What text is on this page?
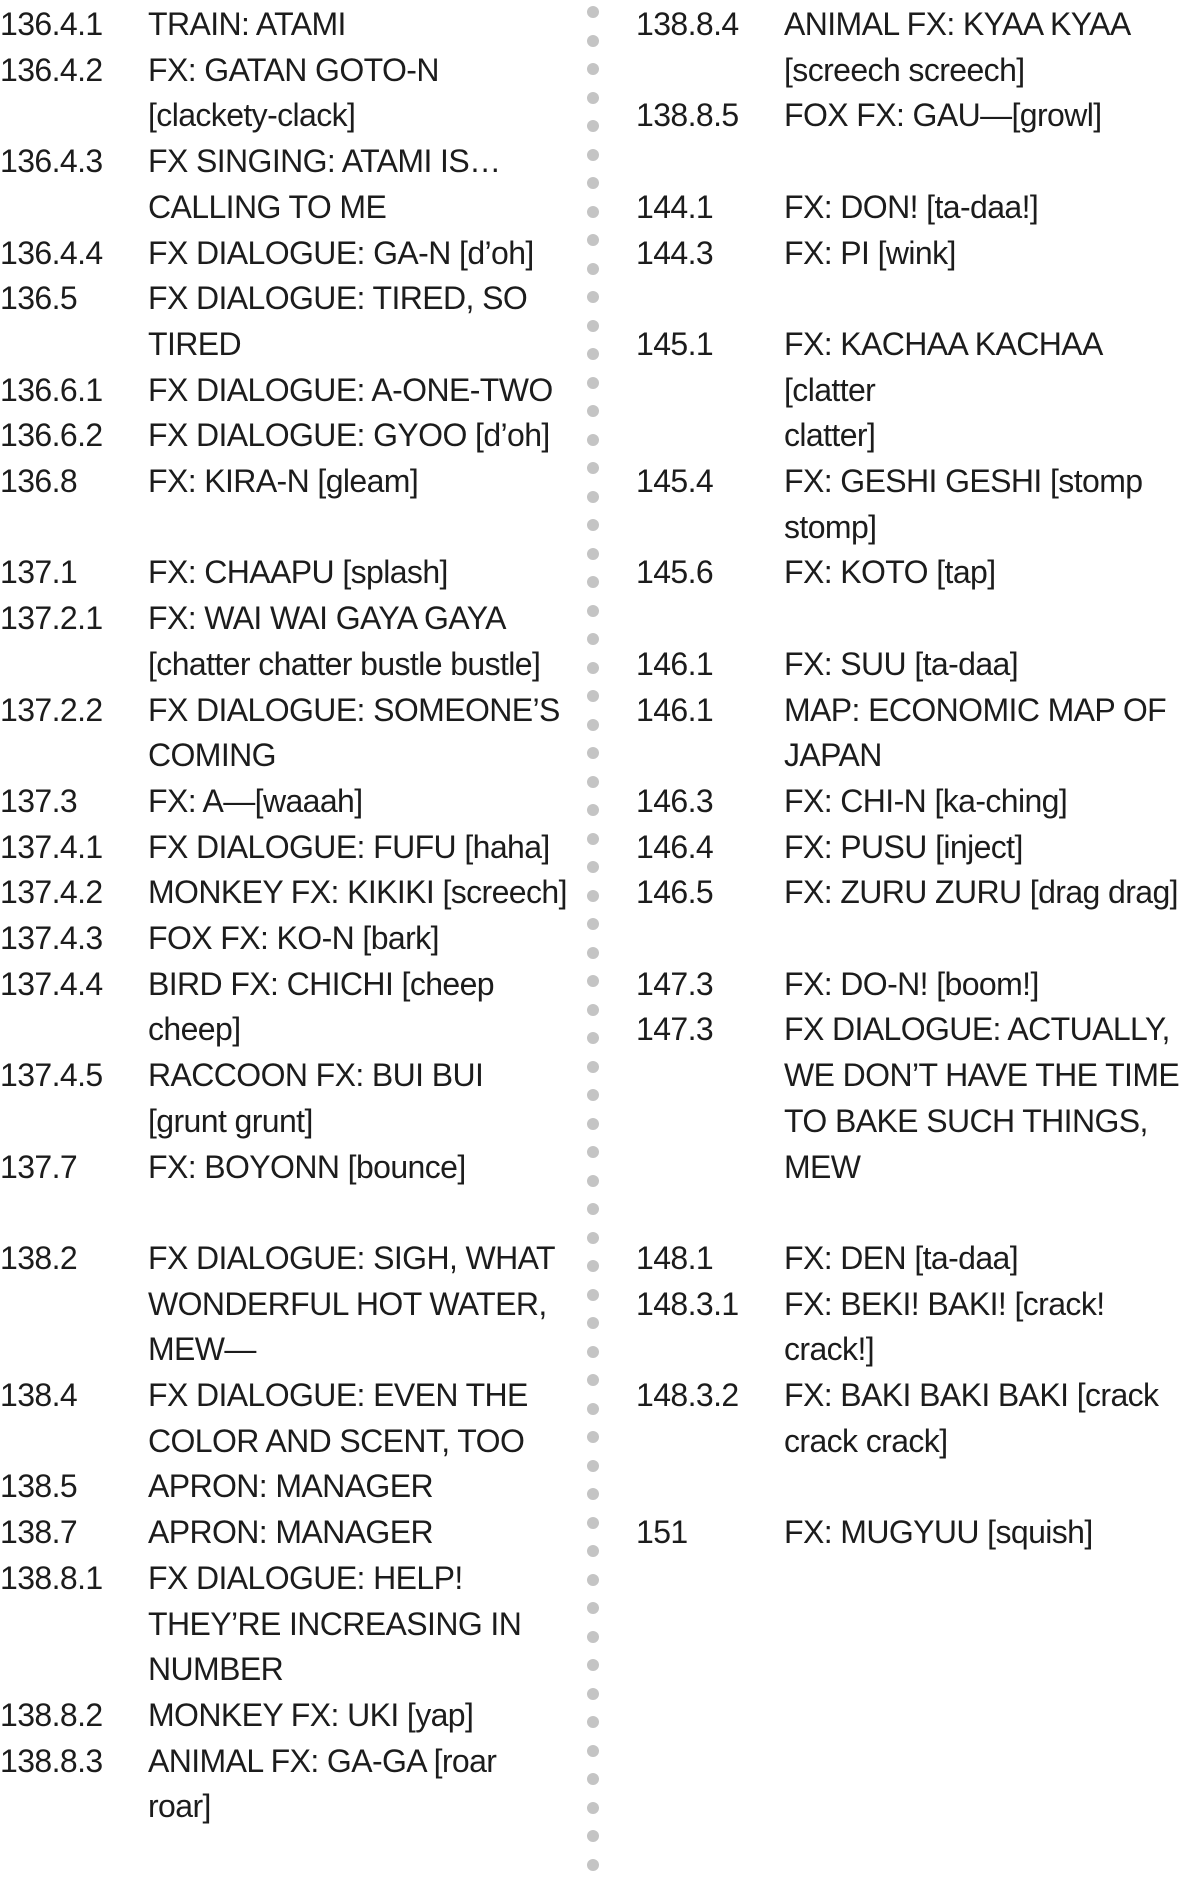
136.4.1	TRAIN: ATAMI
136.4.2	FX: GATAN GOTO-N
[clackety-clack]
136.4.3	FX SINGING: ATAMI IS…
CALLING TO ME
136.4.4	FX DIALOGUE: GA-N [d’oh]
136.5	FX DIALOGUE: TIRED, SO
TIRED
136.6.1	FX DIALOGUE: A-ONE-TWO
136.6.2	FX DIALOGUE: GYOO [d’oh]
136.8	FX: KIRA-N [gleam]
137.1	FX: CHAAPU [splash]
137.2.1	FX: WAI WAI GAYA GAYA
[chatter chatter bustle bustle]
137.2.2	FX DIALOGUE: SOMEONE’S
COMING
137.3	FX: A—[waaah]
137.4.1	FX DIALOGUE: FUFU [haha]
137.4.2	MONKEY FX: KIKIKI [screech]
137.4.3	FOX FX: KO-N [bark]
137.4.4	BIRD FX: CHICHI [cheep
cheep]
137.4.5	RACCOON FX: BUI BUI
[grunt grunt]
137.7	FX: BOYONN [bounce]
138.2	FX DIALOGUE: SIGH, WHAT
WONDERFUL HOT WATER,
MEW—
138.4	FX DIALOGUE: EVEN THE
COLOR AND SCENT, TOO
138.5	APRON: MANAGER
138.7	APRON: MANAGER
138.8.1	FX DIALOGUE: HELP!
THEY’RE INCREASING IN
NUMBER
138.8.2	MONKEY FX: UKI [yap]
138.8.3	ANIMAL FX: GA-GA [roar
roar]
138.8.4	ANIMAL FX: KYAA KYAA
[screech screech]
138.8.5	FOX FX: GAU—[growl]
144.1	FX: DON! [ta-daa!]
144.3	FX: PI [wink]
145.1	FX: KACHAA KACHAA [clatter
clatter]
145.4	FX: GESHI GESHI [stomp
stomp]
145.6	FX: KOTO [tap]
146.1	FX: SUU [ta-daa]
146.1	MAP: ECONOMIC MAP OF
JAPAN
146.3	FX: CHI-N [ka-ching]
146.4	FX: PUSU [inject]
146.5	FX: ZURU ZURU [drag drag]
147.3	FX: DO-N! [boom!]
147.3	FX DIALOGUE: ACTUALLY,
WE DON’T HAVE THE TIME
TO BAKE SUCH THINGS,
MEW
148.1	FX: DEN [ta-daa]
148.3.1	FX: BEKI! BAKI! [crack!
crack!]
148.3.2	FX: BAKI BAKI BAKI [crack
crack crack]
151	FX: MUGYUU [squish]
